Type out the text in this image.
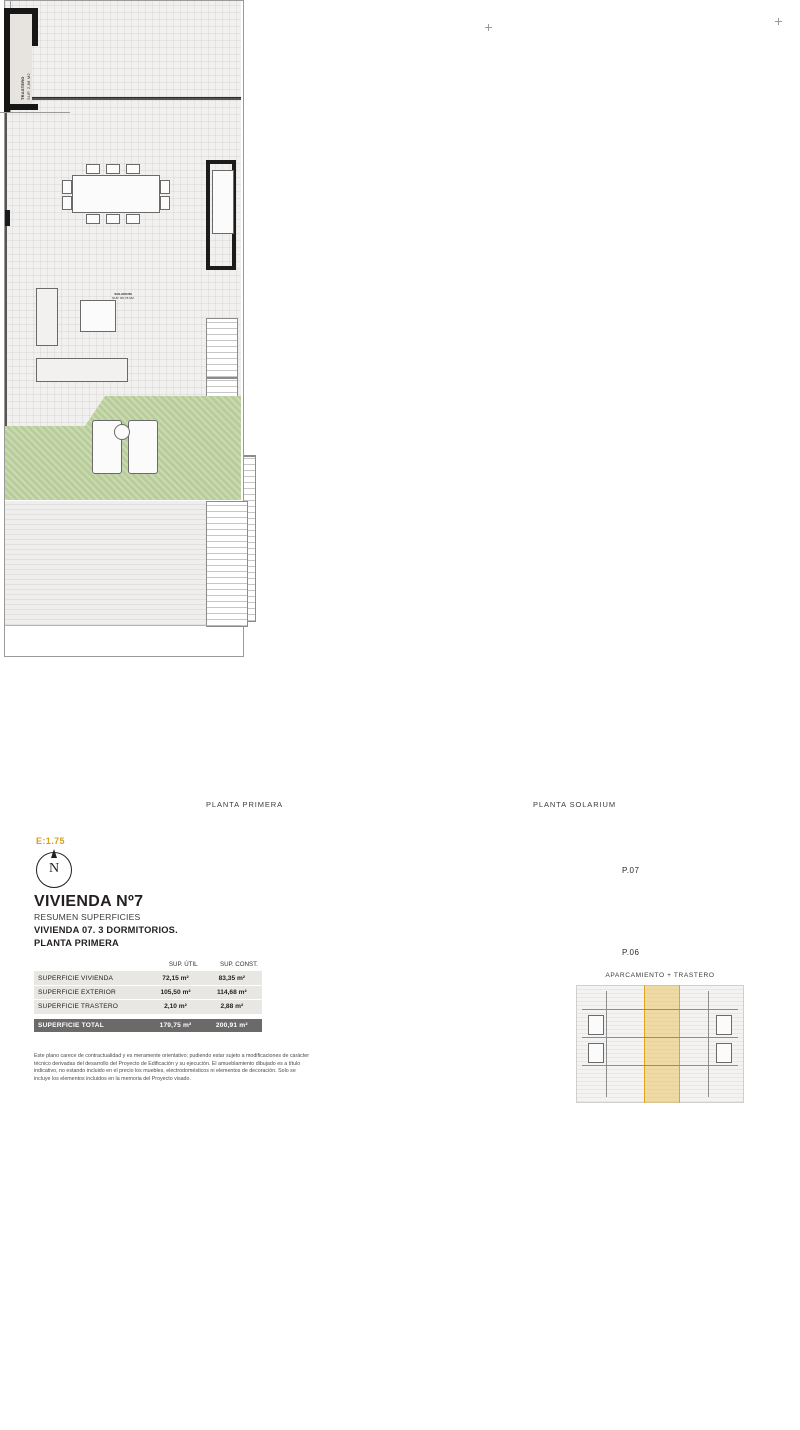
PLANTA PRIMERA
SOLARIUM
SUP. 80,76 M2
PLANTA SOLARIUM
TRASTERO SUP. 2,88 M2
P.07
P.06
APARCAMIENTO + TRASTERO
E:1.75
N
VIVIENDA Nº7
RESUMEN SUPERFICIES
VIVIENDA 07. 3 DORMITORIOS.
PLANTA PRIMERA
	SUP. ÚTIL	SUP. CONST.
SUPERFICIE VIVIENDA	72,15 m²	83,35 m²
SUPERFICIE EXTERIOR	105,50 m²	114,68 m²
SUPERFICIE TRASTERO	2,10 m²	2,88 m²

SUPERFICIE TOTAL	179,75 m²	200,91 m²
Este plano carece de contractualidad y es meramente orientativo; pudiendo estar sujeto a modificaciones de carácter técnico derivadas del desarrollo del Proyecto de Edificación y su ejecución. El amueblamiento dibujado es a título indicativo, no estando incluido en el precio los muebles, electrodomésticos ni elementos de decoración. Solo se incluye los elementos incluidos en la memoria del Proyecto visado.
